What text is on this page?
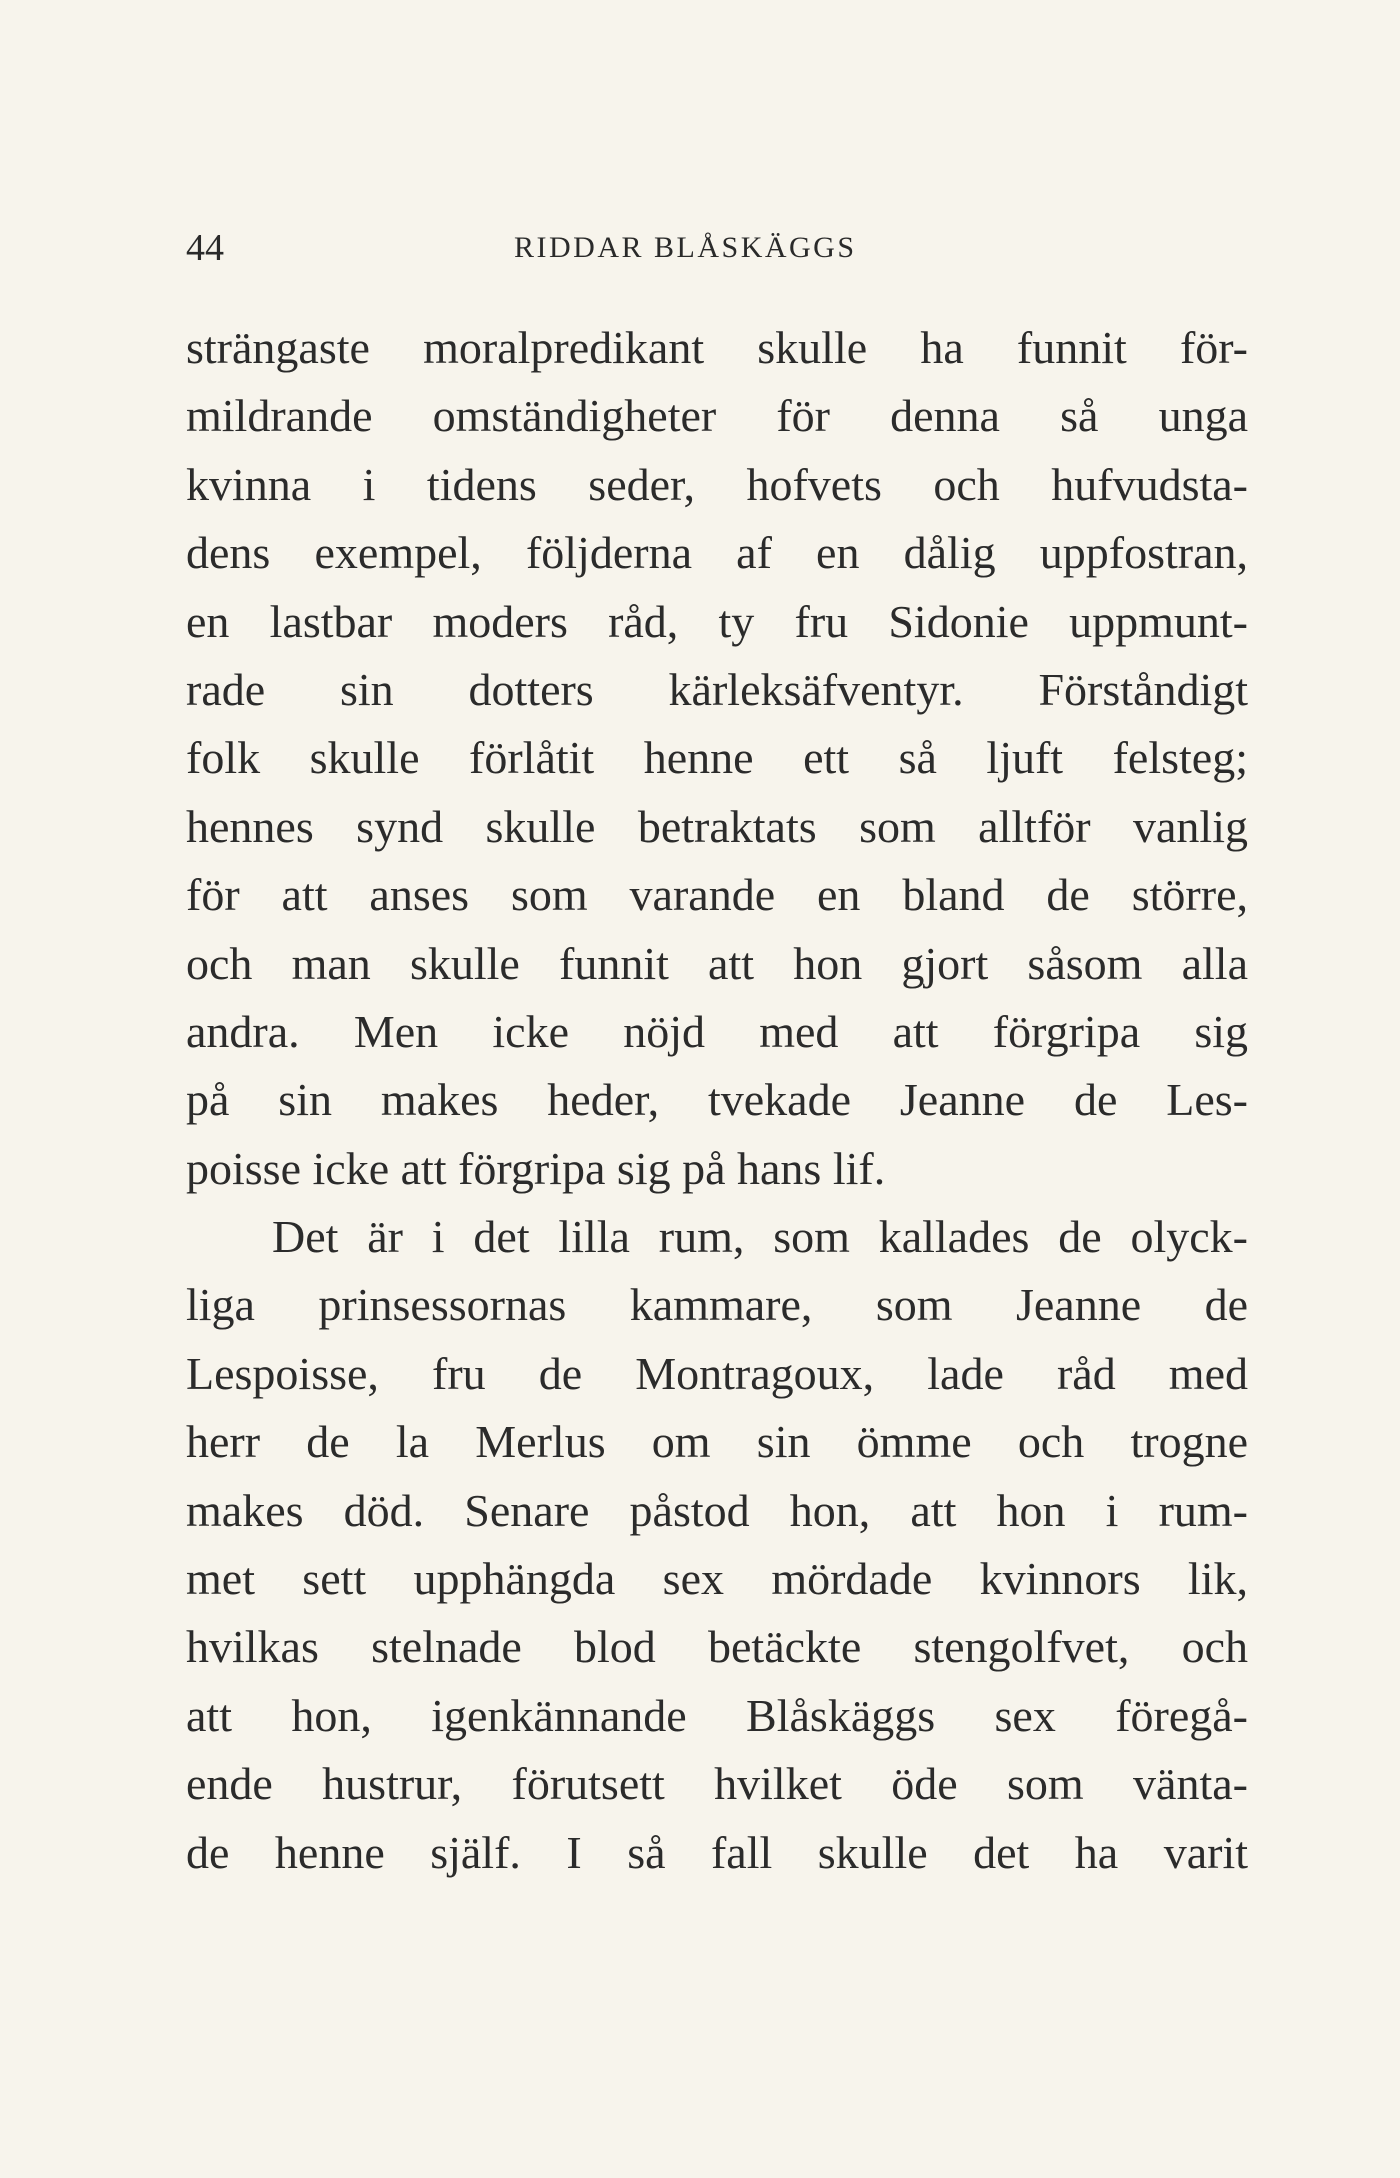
44	RIDDAR BLÅSKÄGGS
strängaste moralpredikant skulle ha funnit för-
mildrande omständigheter för denna så unga
kvinna i tidens seder, hofvets och hufvudsta-
dens exempel, följderna af en dålig uppfostran,
en lastbar moders råd, ty fru Sidonie uppmunt-
rade sin dotters kärleksäfventyr. Förståndigt
folk skulle förlåtit henne ett så ljuft felsteg;
hennes synd skulle betraktats som alltför vanlig
för att anses som varande en bland de större,
och man skulle funnit att hon gjort såsom alla
andra. Men icke nöjd med att förgripa sig
på sin makes heder, tvekade Jeanne de Les-
poisse icke att förgripa sig på hans lif.
Det är i det lilla rum, som kallades de olyck-
liga prinsessornas kammare, som Jeanne de
Lespoisse, fru de Montragoux, lade råd med
herr de la Merlus om sin ömme och trogne
makes död. Senare påstod hon, att hon i rum-
met sett upphängda sex mördade kvinnors lik,
hvilkas stelnade blod betäckte stengolfvet, och
att hon, igenkännande Blåskäggs sex föregå-
ende hustrur, förutsett hvilket öde som vänta-
de henne själf. I så fall skulle det ha varit
